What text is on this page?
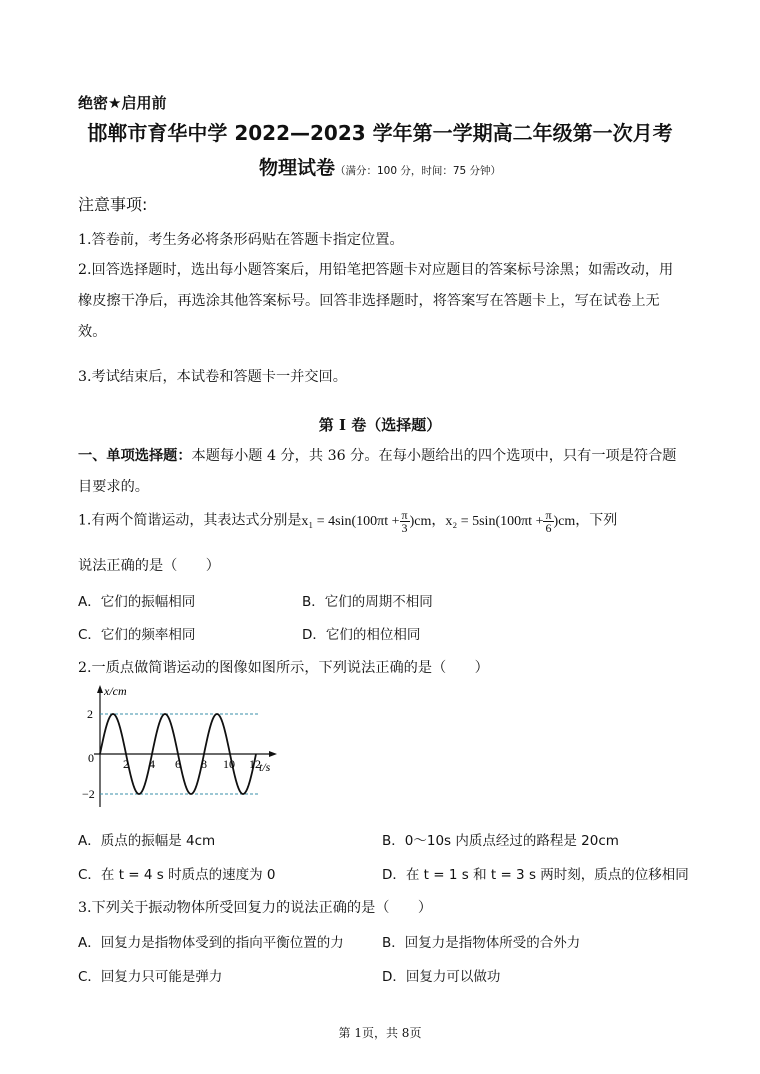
绝密★启用前
邯郸市育华中学 2022—2023 学年第一学期高二年级第一次月考
物理试卷（满分：100 分，时间：75 分钟）
注意事项:
1.答卷前，考生务必将条形码贴在答题卡指定位置。
2.回答选择题时，选出每小题答案后，用铅笔把答题卡对应题目的答案标号涂黑；如需改动，用橡皮擦干净后，再选涂其他答案标号。回答非选择题时，将答案写在答题卡上，写在试卷上无效。
3.考试结束后，本试卷和答题卡一并交回。
第 I 卷（选择题）
一、单项选择题：本题每小题 4 分，共 36 分。在每小题给出的四个选项中，只有一项是符合题目要求的。
1.有两个简谐运动，其表达式分别是$x_1 = 4\sin(100\pi t + \frac{\pi}{3} )cm$，$x_2 = 5\sin(100\pi t + \frac{\pi}{6} )cm$，下列
说法正确的是（　　）
A．它们的振幅相同	B．它们的周期不相同
C．它们的频率相同	D．它们的相位相同
2.一质点做简谐运动的图像如图所示，下列说法正确的是（　　）
x/cm
t/s
2
−2
0 2 4 6 8 10 12
A．质点的振幅是 4cm	B．0～10s 内质点经过的路程是 20cm
C．在 t = 4 s 时质点的速度为 0	D．在 t = 1 s 和 t = 3 s 两时刻，质点的位移相同
3.下列关于振动物体所受回复力的说法正确的是（　　）
A．回复力是指物体受到的指向平衡位置的力	B．回复力是指物体所受的合外力
C．回复力只可能是弹力	D．回复力可以做功
第 1页，共 8页
